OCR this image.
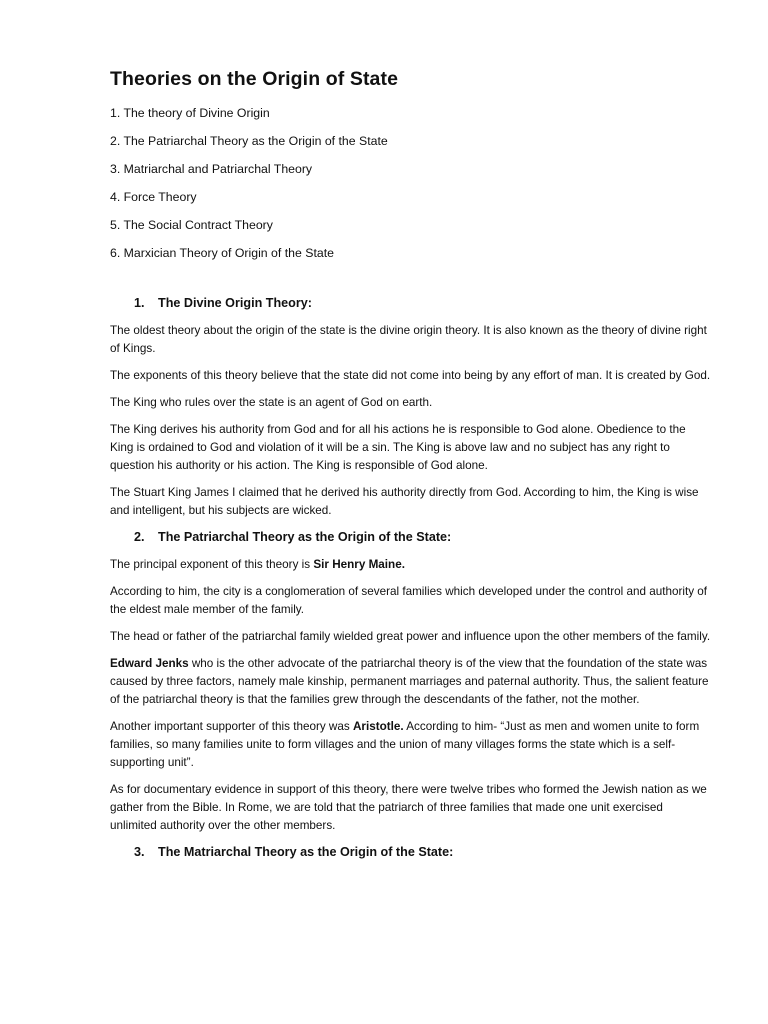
Theories on the Origin of State
1. The theory of Divine Origin
2. The Patriarchal Theory as the Origin of the State
3. Matriarchal and Patriarchal Theory
4. Force Theory
5. The Social Contract Theory
6. Marxician Theory of Origin of the State
1. The Divine Origin Theory:

The oldest theory about the origin of the state is the divine origin theory. It is also known as the theory of divine right of Kings.

The exponents of this theory believe that the state did not come into being by any effort of man. It is created by God.

The King who rules over the state is an agent of God on earth.

The King derives his authority from God and for all his actions he is responsible to God alone. Obedience to the King is ordained to God and violation of it will be a sin. The King is above law and no subject has any right to question his authority or his action. The King is responsible of God alone.

The Stuart King James I claimed that he derived his authority directly from God. According to him, the King is wise and intelligent, but his subjects are wicked.

2. The Patriarchal Theory as the Origin of the State:

The principal exponent of this theory is Sir Henry Maine.

According to him, the city is a conglomeration of several families which developed under the control and authority of the eldest male member of the family.

The head or father of the patriarchal family wielded great power and influence upon the other members of the family.

Edward Jenks who is the other advocate of the patriarchal theory is of the view that the foundation of the state was caused by three factors, namely male kinship, permanent marriages and paternal authority. Thus, the salient feature of the patriarchal theory is that the families grew through the descendants of the father, not the mother.

Another important supporter of this theory was Aristotle. According to him- “Just as men and women unite to form families, so many families unite to form villages and the union of many villages forms the state which is a self-supporting unit”.

As for documentary evidence in support of this theory, there were twelve tribes who formed the Jewish nation as we gather from the Bible. In Rome, we are told that the patriarch of three families that made one unit exercised unlimited authority over the other members.

3. The Matriarchal Theory as the Origin of the State:
